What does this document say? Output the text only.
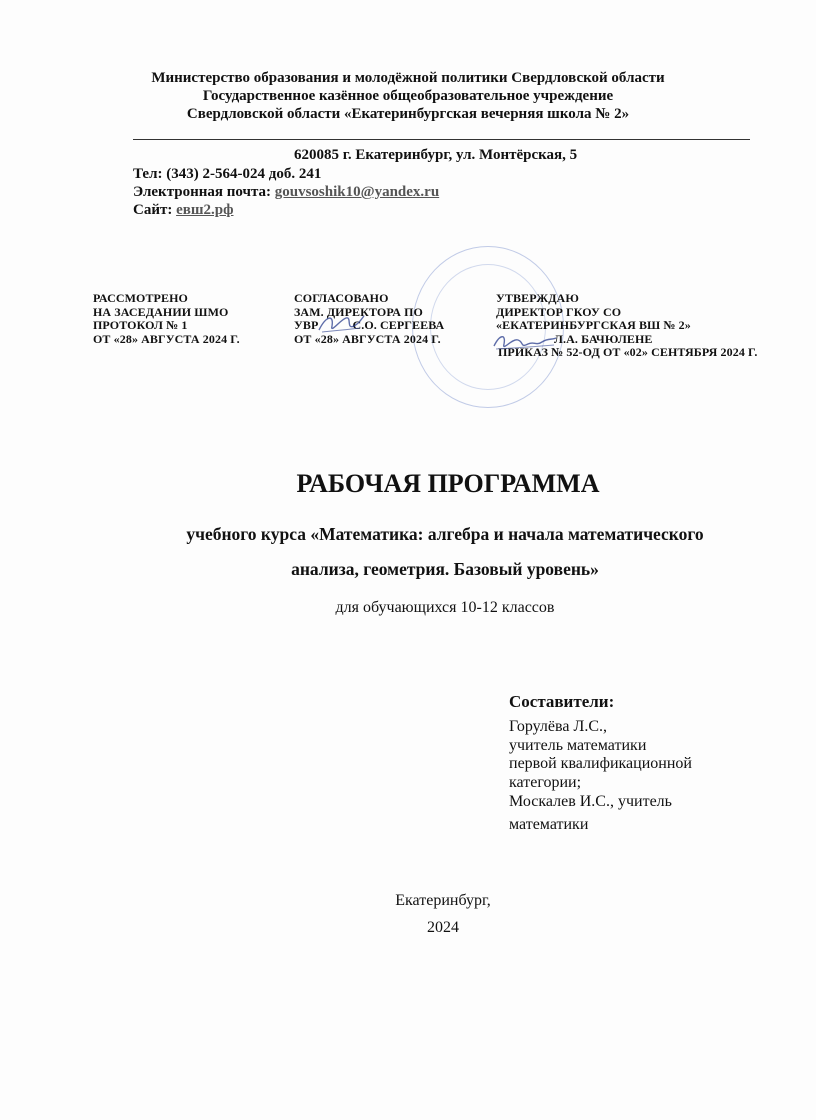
Министерство образования и молодёжной политики Свердловской области
Государственное казённое общеобразовательное учреждение
Свердловской области «Екатеринбургская вечерняя школа № 2»
620085 г. Екатеринбург, ул. Монтёрская, 5
Тел: (343) 2-564-024 доб. 241
Электронная почта: gouvsoshik10@yandex.ru
Сайт: евш2.рф
РАССМОТРЕНО
НА ЗАСЕДАНИИ ШМО
ПРОТОКОЛ № 1
ОТ «28» АВГУСТА 2024 Г.
СОГЛАСОВАНО
ЗАМ. ДИРЕКТОРА ПО
УВР	С.О. СЕРГЕЕВА
ОТ «28» АВГУСТА 2024 Г.
УТВЕРЖДАЮ
ДИРЕКТОР ГКОУ СО
«ЕКАТЕРИНБУРГСКАЯ ВШ № 2»
Л.А. БАЧЮЛЕНЕ
ПРИКАЗ № 52-ОД ОТ «02» СЕНТЯБРЯ 2024 Г.
РАБОЧАЯ ПРОГРАММА
учебного курса «Математика: алгебра и начала математического
анализа, геометрия. Базовый уровень»
для обучающихся 10-12 классов
Составители:
Горулёва Л.С.,
учитель математики
первой квалификационной
категории;
Москалев И.С., учитель
математики
Екатеринбург,
2024
